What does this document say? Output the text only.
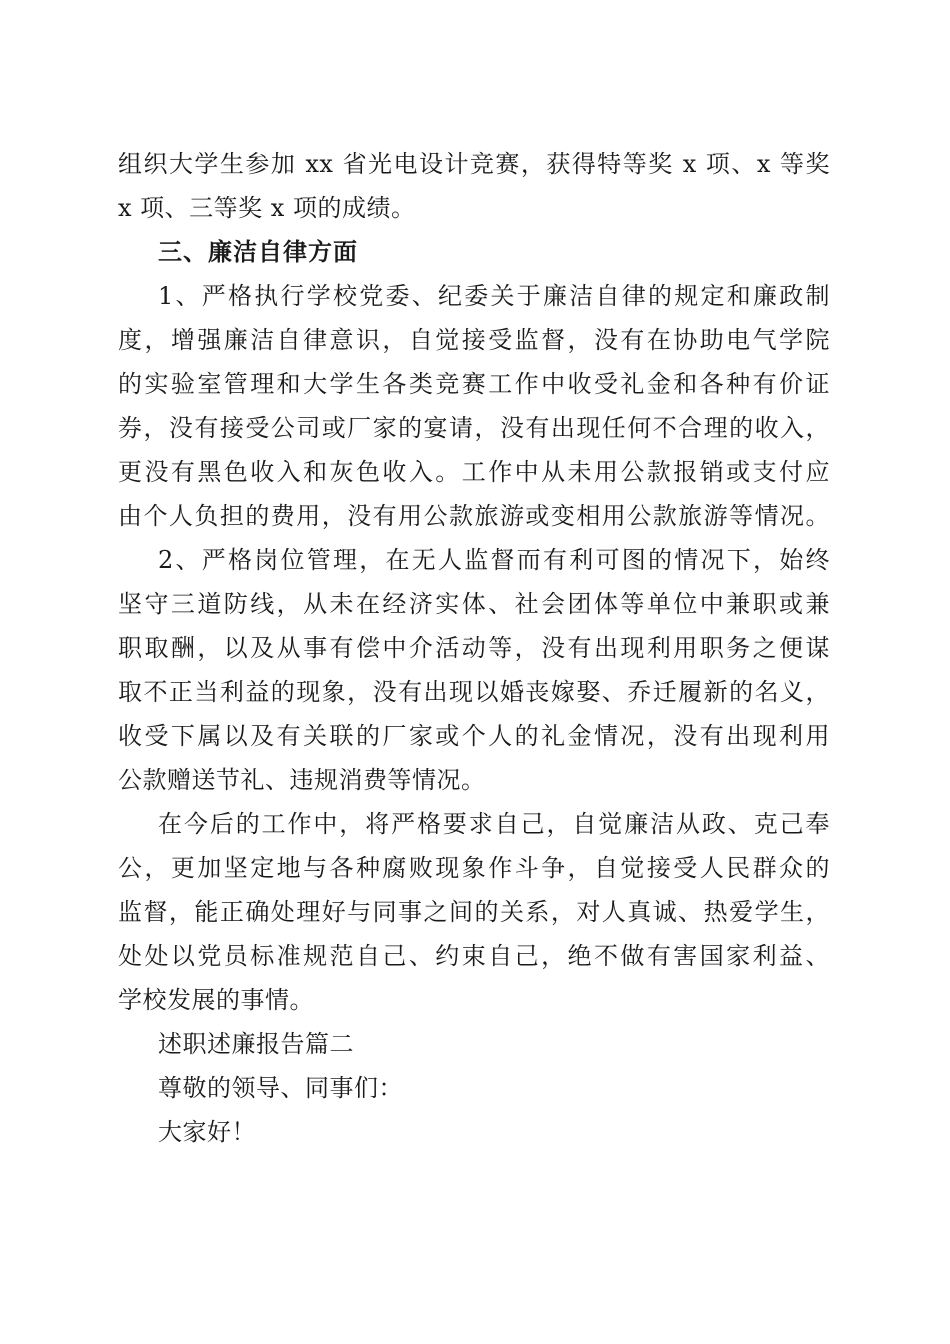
组织大学生参加 xx 省光电设计竞赛，获得特等奖 x 项、x 等奖
x 项、三等奖 x 项的成绩。
三、廉洁自律方面
1、严格执行学校党委、纪委关于廉洁自律的规定和廉政制
度，增强廉洁自律意识，自觉接受监督，没有在协助电气学院
的实验室管理和大学生各类竞赛工作中收受礼金和各种有价证
券，没有接受公司或厂家的宴请，没有出现任何不合理的收入，
更没有黑色收入和灰色收入。工作中从未用公款报销或支付应
由个人负担的费用，没有用公款旅游或变相用公款旅游等情况。
2、严格岗位管理，在无人监督而有利可图的情况下，始终
坚守三道防线，从未在经济实体、社会团体等单位中兼职或兼
职取酬，以及从事有偿中介活动等，没有出现利用职务之便谋
取不正当利益的现象，没有出现以婚丧嫁娶、乔迁履新的名义，
收受下属以及有关联的厂家或个人的礼金情况，没有出现利用
公款赠送节礼、违规消费等情况。
在今后的工作中，将严格要求自己，自觉廉洁从政、克己奉
公，更加坚定地与各种腐败现象作斗争，自觉接受人民群众的
监督，能正确处理好与同事之间的关系，对人真诚、热爱学生，
处处以党员标准规范自己、约束自己，绝不做有害国家利益、
学校发展的事情。
述职述廉报告篇二
尊敬的领导、同事们：
大家好！
